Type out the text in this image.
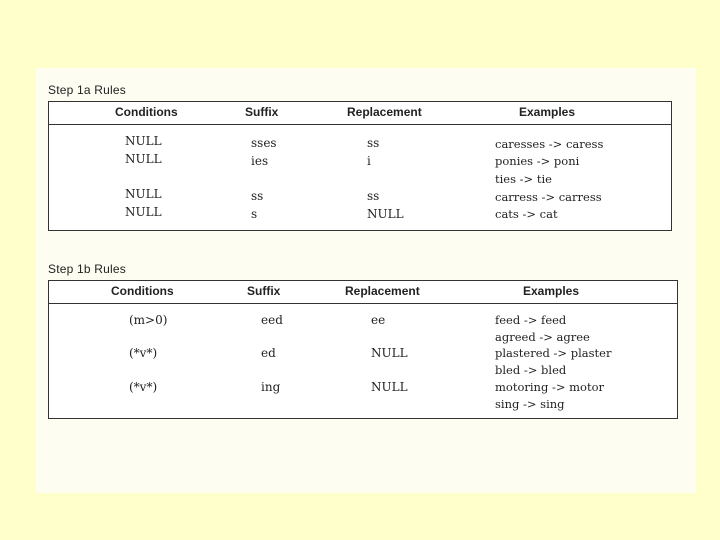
Step 1a Rules
Conditions	Suffix	Replacement	Examples
NULL	sses	ss	caresses -> caress
NULL	ies	i	ponies -> poni
ties -> tie
NULL	ss	ss	carress -> carress
NULL	s	NULL	cats -> cat
Step 1b Rules
Conditions	Suffix	Replacement	Examples
(m>0)	eed	ee	feed -> feed
agreed -> agree
(*v*)	ed	NULL	plastered -> plaster
bled -> bled
(*v*)	ing	NULL	motoring -> motor
sing -> sing
